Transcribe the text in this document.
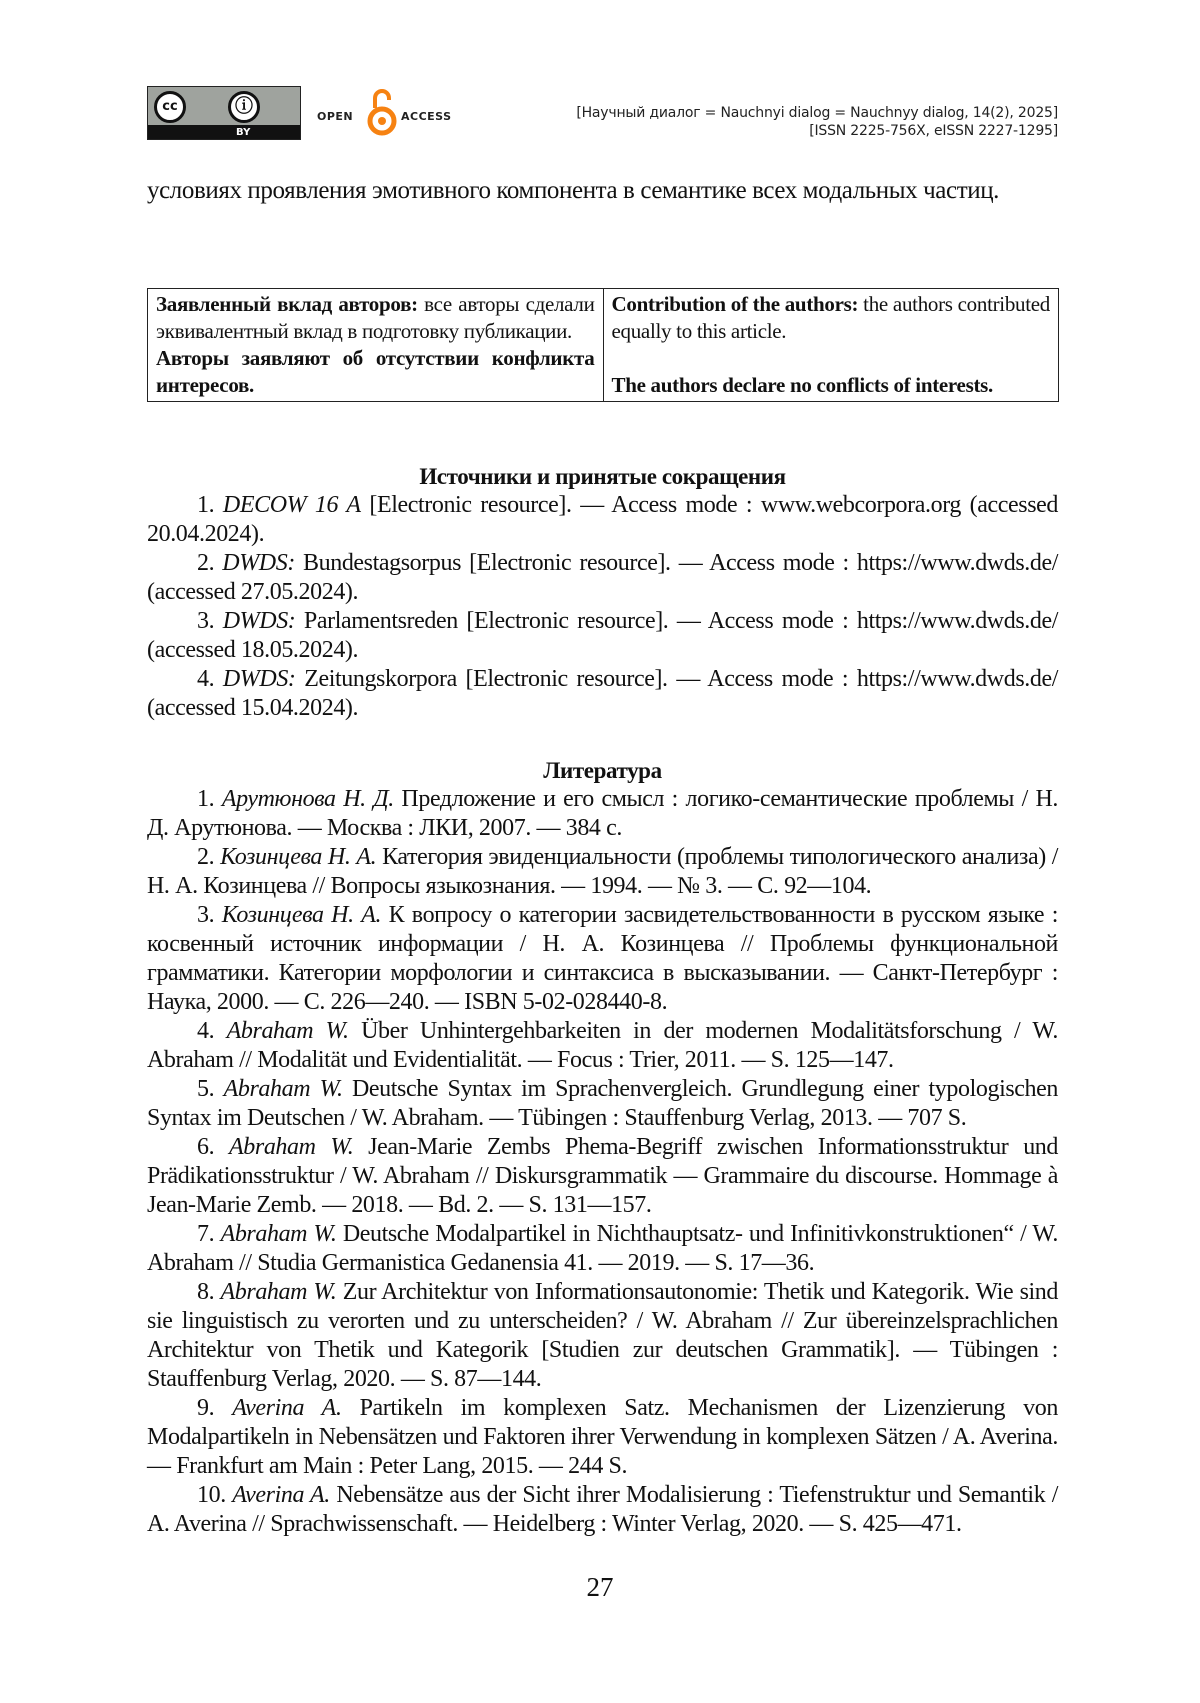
cc	ⓘ
BY
OPEN	ACCESS	[Научный диалог = Nauchnyi dialog = Nauchnyy dialog, 14(2), 2025]
[ISSN 2225-756X, eISSN 2227-1295]
условиях проявления эмотивного компонента в семантике всех модальных частиц.
Заявленный вклад авторов: все авторы сделали эквивалентный вклад в подготовку публикации.
Авторы заявляют об отсутствии конфликта интересов.	Contribution of the authors: the authors contributed equally to this article.

The authors declare no conflicts of interests.
Источники и принятые сокращения

1. DECOW 16 A [Electronic resource]. — Access mode : www.webcorpora.org (accessed 20.04.2024).

2. DWDS: Bundestagsorpus [Electronic resource]. — Access mode : https://www.dwds.de/ (accessed 27.05.2024).

3. DWDS: Parlamentsreden [Electronic resource]. — Access mode : https://www.dwds.de/ (accessed 18.05.2024).

4. DWDS: Zeitungskorpora [Electronic resource]. — Access mode : https://www.dwds.de/ (accessed 15.04.2024).

Литература

1. Арутюнова Н. Д. Предложение и его смысл : логико-семантические проблемы / Н. Д. Арутюнова. — Москва : ЛКИ, 2007. — 384 с.

2. Козинцева Н. А. Категория эвиденциальности (проблемы типологического анализа) / Н. А. Козинцева // Вопросы языкознания. — 1994. — № 3. — С. 92—104.

3. Козинцева Н. А. К вопросу о категории засвидетельствованности в русском языке : косвенный источник информации / Н. А. Козинцева // Проблемы функциональной грамматики. Категории морфологии и синтаксиса в высказывании. — Санкт-Петербург : Наука, 2000. — С. 226—240. — ISBN 5-02-028440-8.

4. Abraham W. Über Unhintergehbarkeiten in der modernen Modalitätsforschung / W. Abraham // Modalität und Evidentialität. — Focus : Trier, 2011. — S. 125—147.

5. Abraham W. Deutsche Syntax im Sprachenvergleich. Grundlegung einer typologischen Syntax im Deutschen / W. Abraham. — Tübingen : Stauffenburg Verlag, 2013. — 707 S.

6. Abraham W. Jean-Marie Zembs Phema-Begriff zwischen Informationsstruktur und Prädikationsstruktur / W. Abraham // Diskursgrammatik — Grammaire du discourse. Hommage à Jean-Marie Zemb. — 2018. — Bd. 2. — S. 131—157.

7. Abraham W. Deutsche Modalpartikel in Nichthauptsatz- und Infinitivkonstruktionen“ / W. Abraham // Studia Germanistica Gedanensia 41. — 2019. — S. 17—36.

8. Abraham W. Zur Architektur von Informationsautonomie: Thetik und Kategorik. Wie sind sie linguistisch zu verorten und zu unterscheiden? / W. Abraham // Zur übereinzelsprachlichen Architektur von Thetik und Kategorik [Studien zur deutschen Grammatik]. — Tübingen : Stauffenburg Verlag, 2020. — S. 87—144.

9. Averina A. Partikeln im komplexen Satz. Mechanismen der Lizenzierung von Modalpartikeln in Nebensätzen und Faktoren ihrer Verwendung in komplexen Sätzen / A. Averina. — Frankfurt am Main : Peter Lang, 2015. — 244 S.

10. Averina A. Nebensätze aus der Sicht ihrer Modalisierung : Tiefenstruktur und Semantik / A. Averina // Sprachwissenschaft. — Heidelberg : Winter Verlag, 2020. — S. 425—471.

27
